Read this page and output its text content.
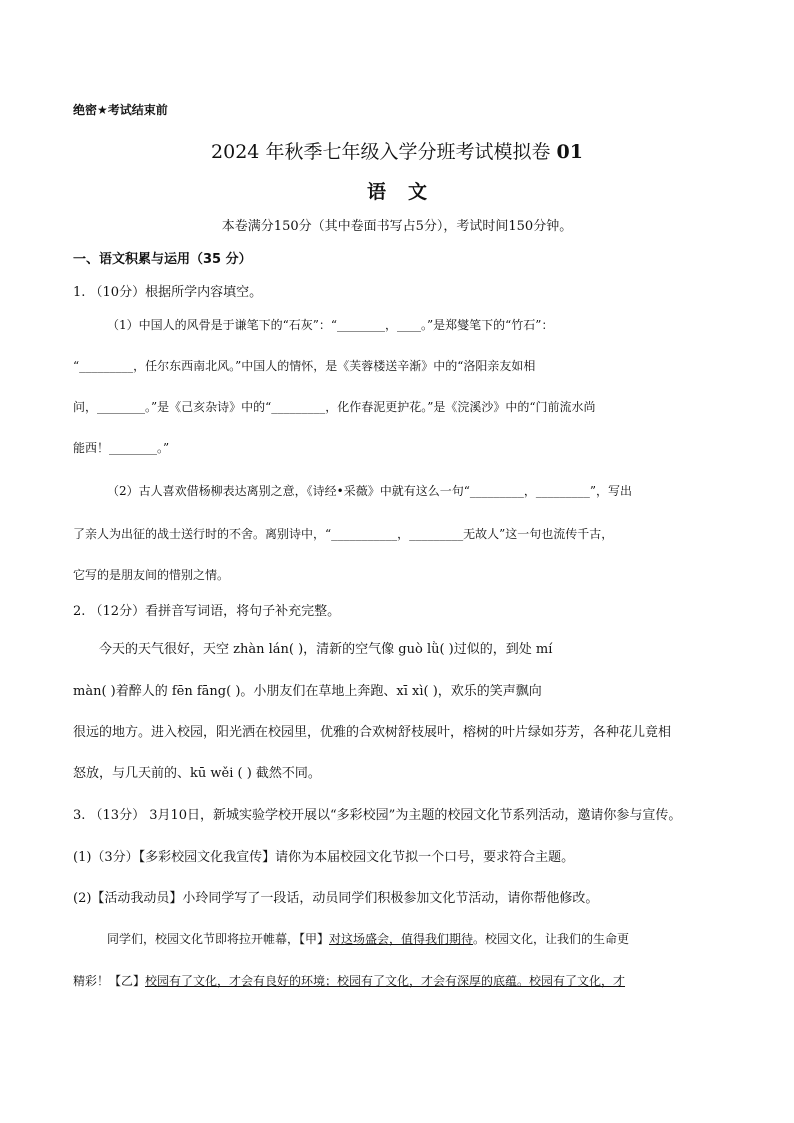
绝密★考试结束前
2024 年秋季七年级入学分班考试模拟卷 01
语文
本卷满分150分（其中卷面书写占5分），考试时间150分钟。
一、语文积累与运用（35 分）
1. （10分）根据所学内容填空。
（1）中国人的风骨是于谦笔下的“石灰”：“________，____。”是郑燮笔下的“竹石”：
“_________，任尔东西南北风。”中国人的情怀，是《芙蓉楼送辛渐》中的“洛阳亲友如相
问，________。”是《己亥杂诗》中的“_________，化作春泥更护花。”是《浣溪沙》中的“门前流水尚
能西！________。”
（2）古人喜欢借杨柳表达离别之意，《诗经•采薇》中就有这么一句“_________，_________”，写出
了亲人为出征的战士送行时的不舍。离别诗中，“___________，_________无故人”这一句也流传千古，
它写的是朋友间的惜别之情。
2. （12分）看拼音写词语，将句子补充完整。
今天的天气很好，天空 zhàn lán( )，清新的空气像 guò lǜ( )过似的，到处 mí
màn( )着醉人的 fēn fāng( )。小朋友们在草地上奔跑、xī xì( )，欢乐的笑声飘向
很远的地方。进入校园，阳光洒在校园里，优雅的合欢树舒枝展叶，榕树的叶片绿如芬芳，各种花儿竟相
怒放，与几天前的、kū wěi ( ) 截然不同。
3. （13分） 3月10日，新城实验学校开展以“多彩校园”为主题的校园文化节系列活动，邀请你参与宣传。
(1)（3分）【多彩校园文化我宣传】请你为本届校园文化节拟一个口号，要求符合主题。
(2)【活动我动员】小玲同学写了一段话，动员同学们积极参加文化节活动，请你帮他修改。
同学们，校园文化节即将拉开帷幕，【甲】对这场盛会，值得我们期待。校园文化，让我们的生命更
精彩！【乙】校园有了文化，才会有良好的环境；校园有了文化，才会有深厚的底蕴。校园有了文化，才
